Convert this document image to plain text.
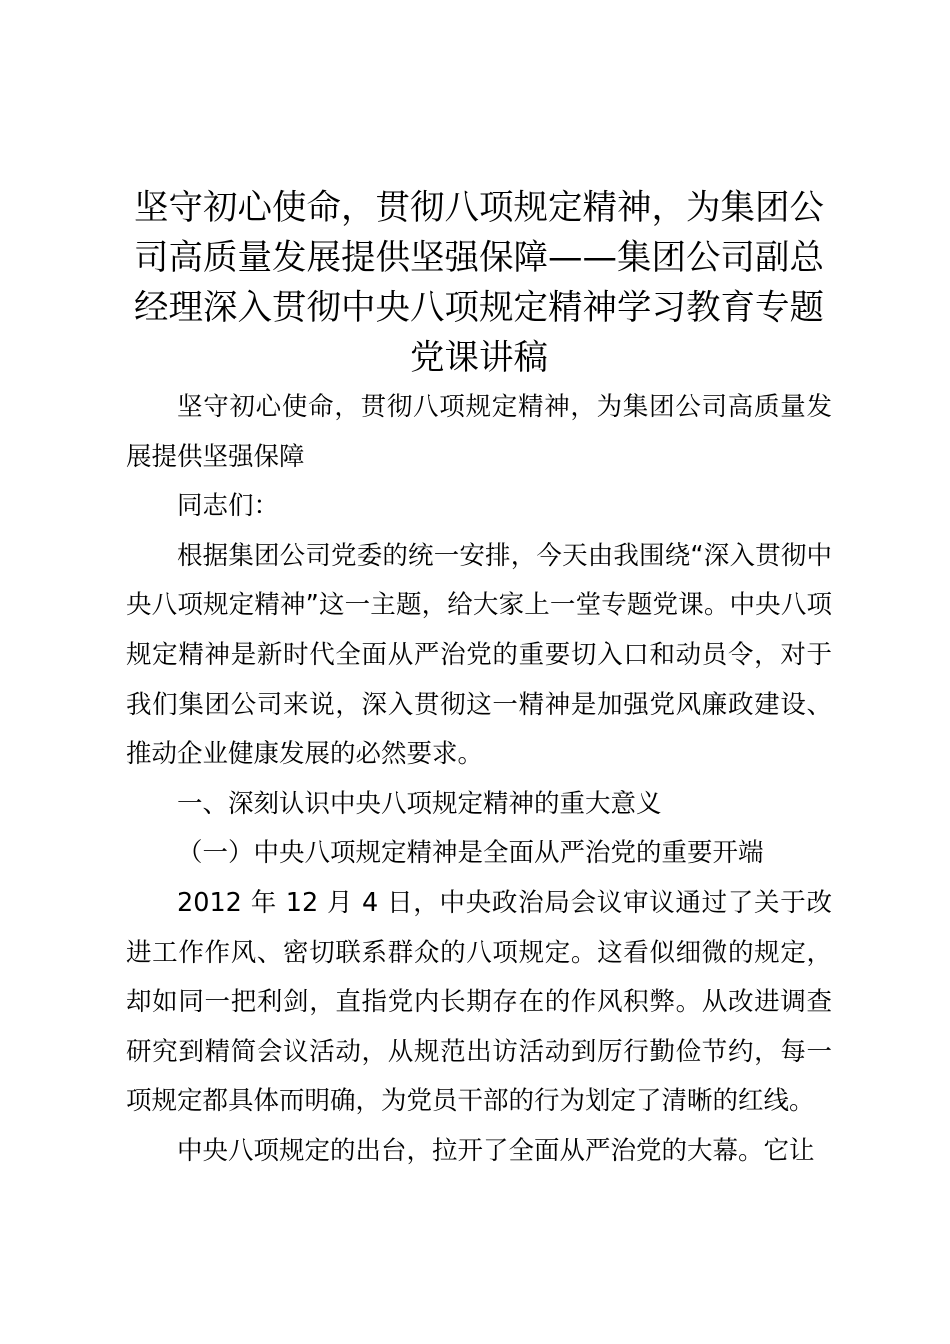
坚守初心使命，贯彻八项规定精神，为集团公司高质量发展提供坚强保障——集团公司副总经理深入贯彻中央八项规定精神学习教育专题党课讲稿

坚守初心使命，贯彻八项规定精神，为集团公司高质量发展提供坚强保障

同志们：

根据集团公司党委的统一安排，今天由我围绕“深入贯彻中央八项规定精神”这一主题，给大家上一堂专题党课。中央八项规定精神是新时代全面从严治党的重要切入口和动员令，对于我们集团公司来说，深入贯彻这一精神是加强党风廉政建设、推动企业健康发展的必然要求。

一、深刻认识中央八项规定精神的重大意义

（一）中央八项规定精神是全面从严治党的重要开端

2012 年 12 月 4 日，中央政治局会议审议通过了关于改进工作作风、密切联系群众的八项规定。这看似细微的规定，却如同一把利剑，直指党内长期存在的作风积弊。从改进调查研究到精简会议活动，从规范出访活动到厉行勤俭节约，每一项规定都具体而明确，为党员干部的行为划定了清晰的红线。

中央八项规定的出台，拉开了全面从严治党的大幕。它让
